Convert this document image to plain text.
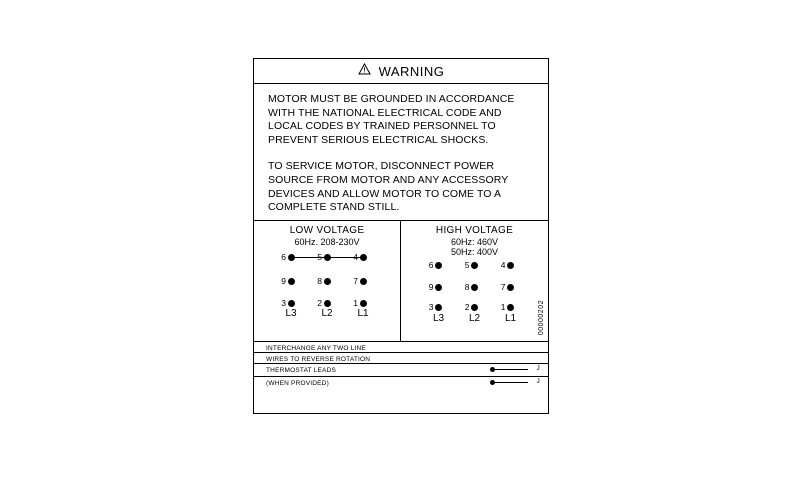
WARNING

MOTOR MUST BE GROUNDED IN ACCORDANCE WITH THE NATIONAL ELECTRICAL CODE AND LOCAL CODES BY TRAINED PERSONNEL TO PREVENT SERIOUS ELECTRICAL SHOCKS.

TO SERVICE MOTOR, DISCONNECT POWER SOURCE FROM MOTOR AND ANY ACCESSORY DEVICES AND ALLOW MOTOR TO COME TO A COMPLETE STAND STILL.

LOW VOLTAGE
60Hz. 208-230V
6	5	4
9	8	7
3	2	1
L3	L2	L1
HIGH VOLTAGE
60Hz: 460V
50Hz: 400V
6	5	4
9	8	7
3	2	1
L3	L2	L1	00000202
INTERCHANGE ANY TWO LINE
WIRES TO REVERSE ROTATION
THERMOSTAT LEADS	J
(WHEN PROVIDED)	J
